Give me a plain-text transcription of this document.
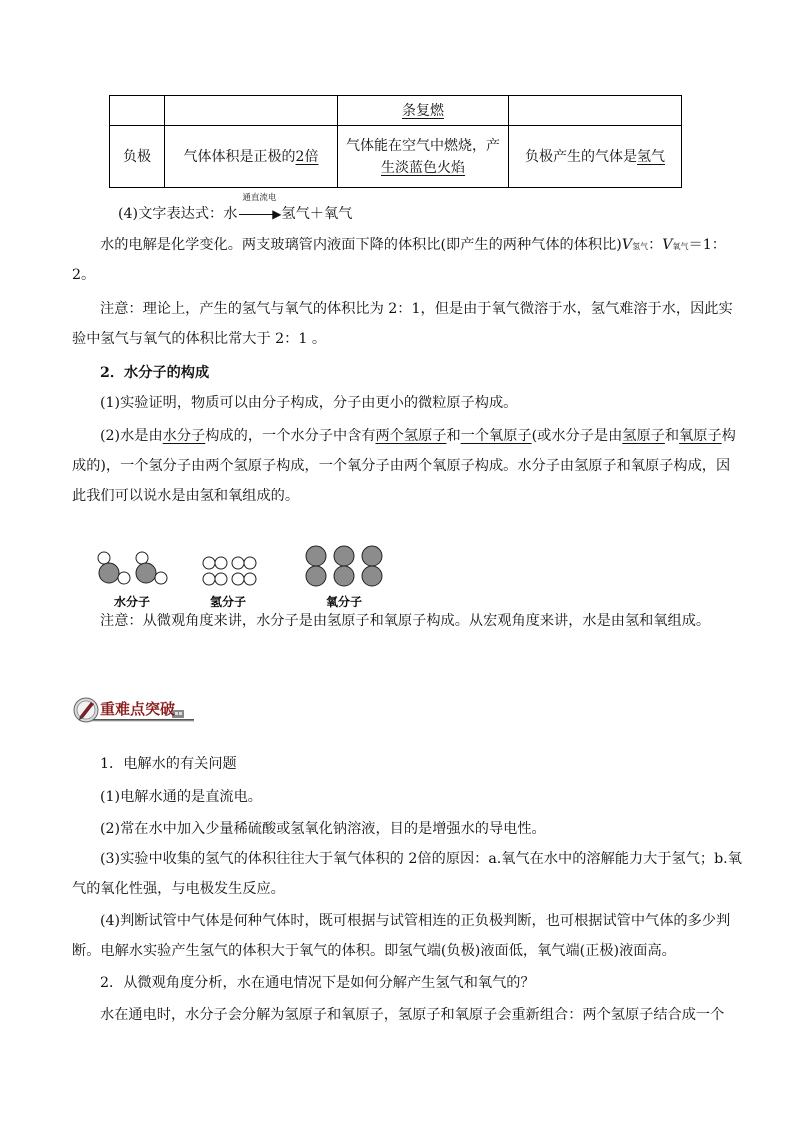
		条复燃	
负极	气体体积是正极的2倍	气体能在空气中燃烧，产
生淡蓝色火焰	负极产生的气体是氢气
(4)文字表达式：水
通直流电
▶ 氢气＋氧气
水的电解是化学变化。两支玻璃管内液面下降的体积比(即产生的两种气体的体积比)V氢气：V氧气＝1：
2。
注意：理论上，产生的氢气与氧气的体积比为 2：1，但是由于氧气微溶于水，氢气难溶于水，因此实
验中氢气与氧气的体积比常大于 2：1 。
2．水分子的构成
(1)实验证明，物质可以由分子构成，分子由更小的微粒原子构成。
(2)水是由水分子构成的，一个水分子中含有两个氢原子和一个氧原子(或水分子是由氢原子和氧原子构
成的)，一个氢分子由两个氢原子构成，一个氧分子由两个氧原子构成。水分子由氢原子和氧原子构成，因
此我们可以说水是由氢和氧组成的。
水分子	氢分子	氧分子
注意：从微观角度来讲，水分子是由氢原子和氧原子构成。从宏观角度来讲，水是由氢和氧组成。
重难点突破
1．电解水的有关问题
(1)电解水通的是直流电。
(2)常在水中加入少量稀硫酸或氢氧化钠溶液，目的是增强水的导电性。
(3)实验中收集的氢气的体积往往大于氧气体积的 2倍的原因：a.氧气在水中的溶解能力大于氢气；b.氧
气的氧化性强，与电极发生反应。
(4)判断试管中气体是何种气体时，既可根据与试管相连的正负极判断，也可根据试管中气体的多少判
断。电解水实验产生氢气的体积大于氧气的体积。即氢气端(负极)液面低，氧气端(正极)液面高。
2．从微观角度分析，水在通电情况下是如何分解产生氢气和氧气的？
水在通电时，水分子会分解为氢原子和氧原子，氢原子和氧原子会重新组合：两个氢原子结合成一个
